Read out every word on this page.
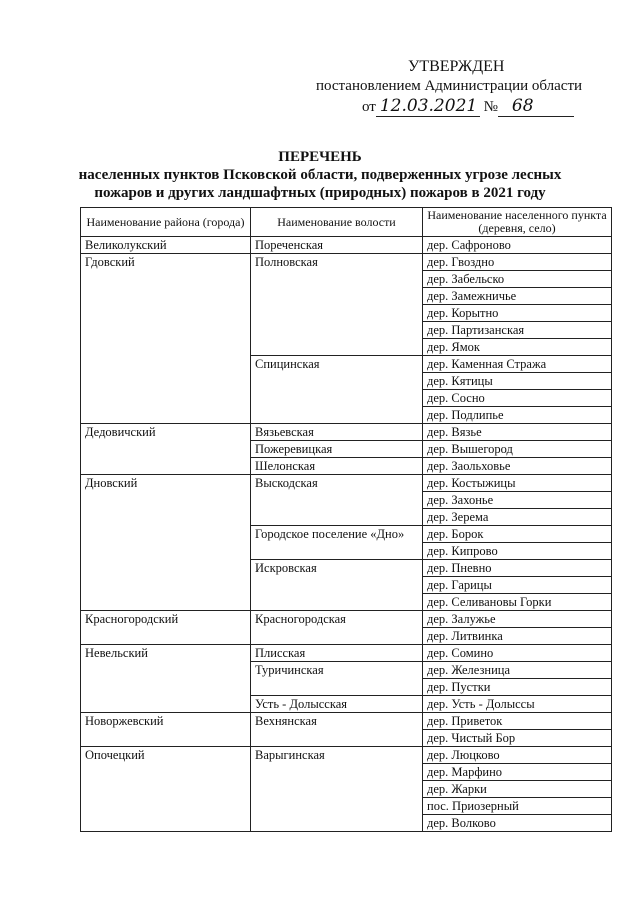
УТВЕРЖДЕН
постановлением Администрации области
от 12.03.2021 № 68
ПЕРЕЧЕНЬ
населенных пунктов Псковской области, подверженных угрозе лесных
пожаров и других ландшафтных (природных) пожаров в 2021 году
Наименование района (города)	Наименование волости	Наименование населенного пункта (деревня, село)
Великолукский	Пореченская	дер. Сафроново
Гдовский	Полновская	дер. Гвоздно
		дер. Забельско
		дер. Замежничье
		дер. Корытно
		дер. Партизанская
		дер. Ямок
	Спицинская	дер. Каменная Стража
		дер. Кятицы
		дер. Сосно
		дер. Подлипье
Дедовичский	Вязьевская	дер. Вязье
	Пожеревицкая	дер. Вышегород
	Шелонская	дер. Заольховье
Дновский	Выскодская	дер. Костыжицы
		дер. Захонье
		дер. Зерема
	Городское поселение «Дно»	дер. Борок
		дер. Кипрово
	Искровская	дер. Пневно
		дер. Гарицы
		дер. Селивановы Горки
Красногородский	Красногородская	дер. Залужье
		дер. Литвинка
Невельский	Плисская	дер. Сомино
	Туричинская	дер. Железница
		дер. Пустки
	Усть - Долысская	дер. Усть - Долыссы
Новоржевский	Вехнянская	дер. Приветок
		дер. Чистый Бор
Опочецкий	Варыгинская	дер. Люцково
		дер. Марфино
		дер. Жарки
		пос. Приозерный
		дер. Волково
